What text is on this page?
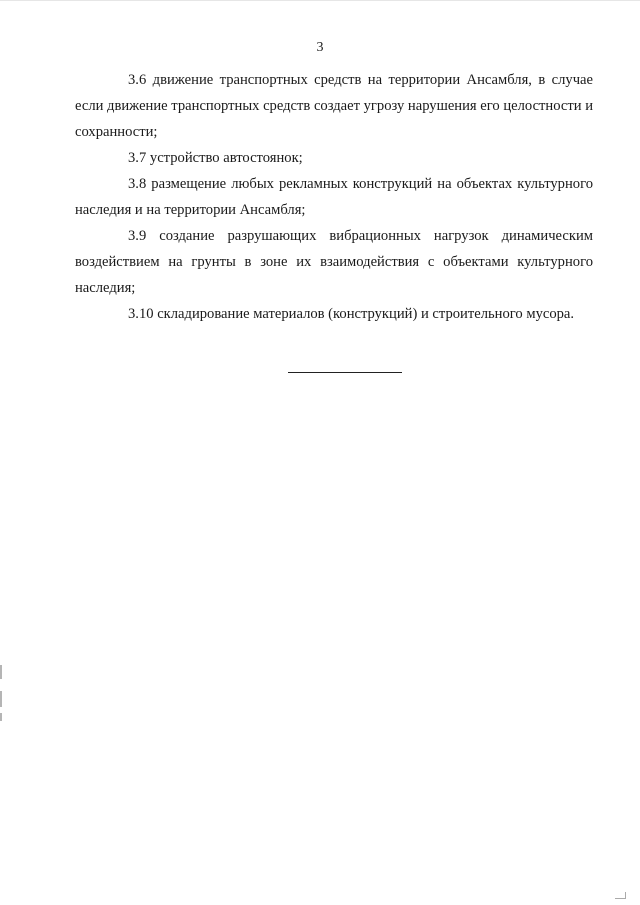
3

3.6 движение транспортных средств на территории Ансамбля, в случае если движение транспортных средств создает угрозу нарушения его целостности и сохранности;

3.7 устройство автостоянок;

3.8 размещение любых рекламных конструкций на объектах культурного наследия и на территории Ансамбля;

3.9 создание разрушающих вибрационных нагрузок динамическим воздействием на грунты в зоне их взаимодействия с объектами культурного наследия;

3.10 складирование материалов (конструкций) и строительного мусора.
